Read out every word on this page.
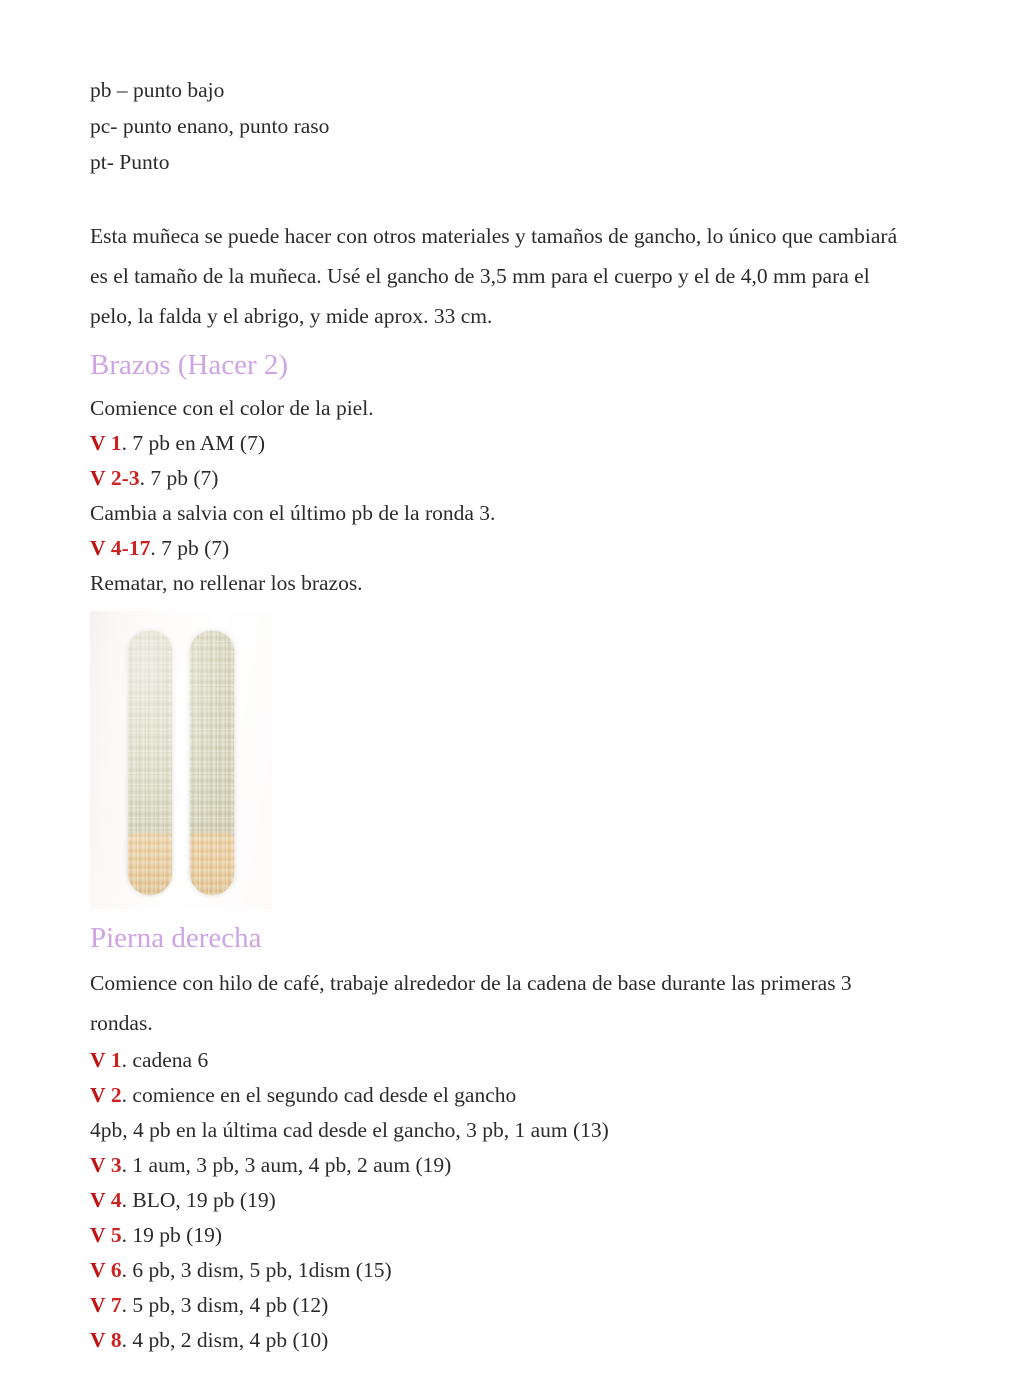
pb – punto bajo
pc- punto enano, punto raso
pt- Punto
Esta muñeca se puede hacer con otros materiales y tamaños de gancho, lo único que cambiará es el tamaño de la muñeca. Usé el gancho de 3,5 mm para el cuerpo y el de 4,0 mm para el pelo, la falda y el abrigo, y mide aprox. 33 cm.
Brazos (Hacer 2)
Comience con el color de la piel.
V 1. 7 pb en AM (7)
V 2-3. 7 pb (7)
Cambia a salvia con el último pb de la ronda 3.
V 4-17. 7 pb (7)
Rematar, no rellenar los brazos.
Pierna derecha
Comience con hilo de café, trabaje alrededor de la cadena de base durante las primeras 3 rondas.
V 1. cadena 6
V 2. comience en el segundo cad desde el gancho
4pb, 4 pb en la última cad desde el gancho, 3 pb, 1 aum (13)
V 3. 1 aum, 3 pb, 3 aum, 4 pb, 2 aum (19)
V 4. BLO, 19 pb (19)
V 5. 19 pb (19)
V 6. 6 pb, 3 dism, 5 pb, 1dism (15)
V 7. 5 pb, 3 dism, 4 pb (12)
V 8. 4 pb, 2 dism, 4 pb (10)
